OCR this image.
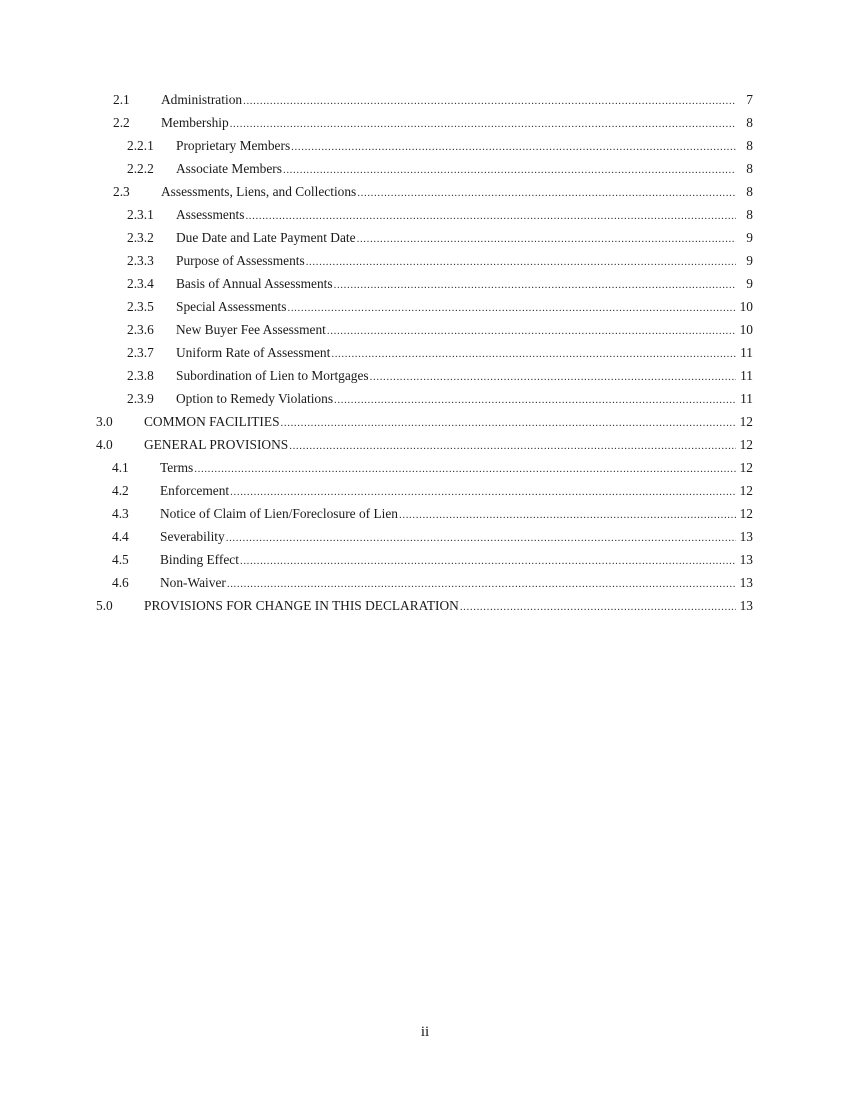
2.1 Administration .....	7
2.2 Membership .....	8
2.2.1 Proprietary Members .....	8
2.2.2 Associate Members .....	8
2.3 Assessments, Liens, and Collections .....	8
2.3.1 Assessments .....	8
2.3.2 Due Date and Late Payment Date .....	9
2.3.3 Purpose of Assessments .....	9
2.3.4 Basis of Annual Assessments .....	9
2.3.5 Special Assessments .....	10
2.3.6 New Buyer Fee Assessment .....	10
2.3.7 Uniform Rate of Assessment .....	11
2.3.8 Subordination of Lien to Mortgages .....	11
2.3.9 Option to Remedy Violations .....	11
3.0 COMMON FACILITIES .....	12
4.0 GENERAL PROVISIONS .....	12
4.1 Terms .....	12
4.2 Enforcement .....	12
4.3 Notice of Claim of Lien/Foreclosure of Lien .....	12
4.4 Severability .....	13
4.5 Binding Effect .....	13
4.6 Non-Waiver .....	13
5.0 PROVISIONS FOR CHANGE IN THIS DECLARATION .....	13
ii
